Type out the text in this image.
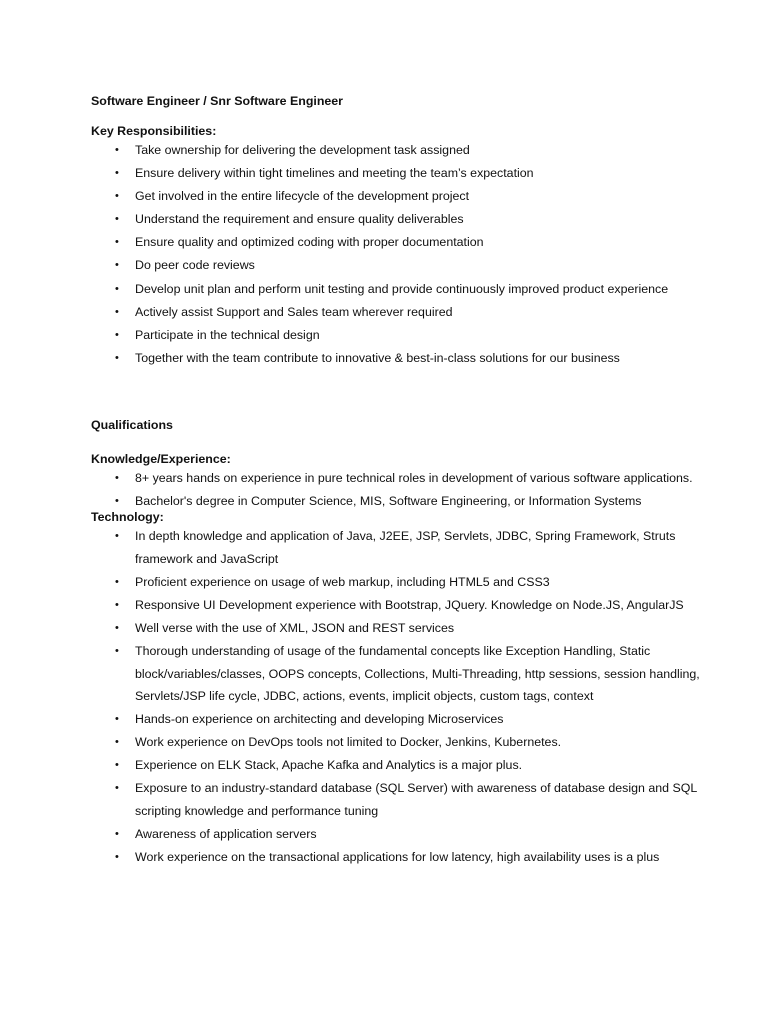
Software Engineer / Snr Software Engineer
Key Responsibilities:
• Take ownership for delivering the development task assigned
• Ensure delivery within tight timelines and meeting the team’s expectation
• Get involved in the entire lifecycle of the development project
• Understand the requirement and ensure quality deliverables
• Ensure quality and optimized coding with proper documentation
• Do peer code reviews
• Develop unit plan and perform unit testing and provide continuously improved product experience
• Actively assist Support and Sales team wherever required
• Participate in the technical design
• Together with the team contribute to innovative & best-in-class solutions for our business
Qualifications
Knowledge/Experience:
• 8+ years hands on experience in pure technical roles in development of various software applications.
• Bachelor's degree in Computer Science, MIS, Software Engineering, or Information Systems
Technology:
• In depth knowledge and application of Java, J2EE, JSP, Servlets, JDBC, Spring Framework, Struts framework and JavaScript
• Proficient experience on usage of web markup, including HTML5 and CSS3
• Responsive UI Development experience with Bootstrap, JQuery. Knowledge on Node.JS, AngularJS
• Well verse with the use of XML, JSON and REST services
• Thorough understanding of usage of the fundamental concepts like Exception Handling, Static block/variables/classes, OOPS concepts, Collections, Multi-Threading, http sessions, session handling, Servlets/JSP life cycle, JDBC, actions, events, implicit objects, custom tags, context
• Hands-on experience on architecting and developing Microservices
• Work experience on DevOps tools not limited to Docker, Jenkins, Kubernetes.
• Experience on ELK Stack, Apache Kafka and Analytics is a major plus.
• Exposure to an industry-standard database (SQL Server) with awareness of database design and SQL scripting knowledge and performance tuning
• Awareness of application servers
• Work experience on the transactional applications for low latency, high availability uses is a plus
